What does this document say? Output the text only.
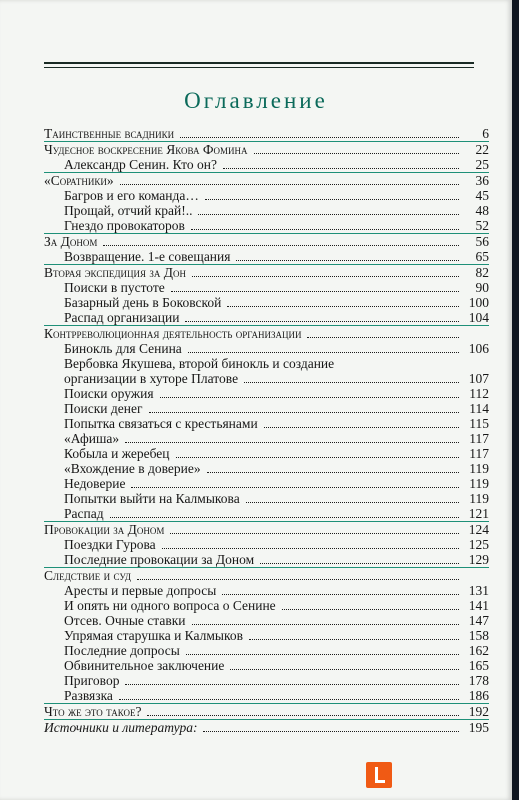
Оглавление
Таинственные всадники	6
Чудесное воскресение Якова Фомина	22
Александр Сенин. Кто он?	25
«Соратники»	36
Багров и его команда…	45
Прощай, отчий край!..	48
Гнездо провокаторов	52
За Доном	56
Возвращение. 1-е совещания	65
Вторая экспедиция за Дон	82
Поиски в пустоте	90
Базарный день в Боковской	100
Распад организации	104
Контрреволюционная деятельность организации
Бинокль для Сенина	106
Вербовка Якушева, второй бинокль и создание
организации в хуторе Платове	107
Поиски оружия	112
Поиски денег	114
Попытка связаться с крестьянами	115
«Афиша»	117
Кобыла и жеребец	117
«Вхождение в доверие»	119
Недоверие	119
Попытки выйти на Калмыкова	119
Распад	121
Провокации за Доном	124
Поездки Гурова	125
Последние провокации за Доном	129
Следствие и суд
Аресты и первые допросы	131
И опять ни одного вопроса о Сенине	141
Отсев. Очные ставки	147
Упрямая старушка и Калмыков	158
Последние допросы	162
Обвинительное заключение	165
Приговор	178
Развязка	186
Что же это такое?	192
Источники и литература:	195
